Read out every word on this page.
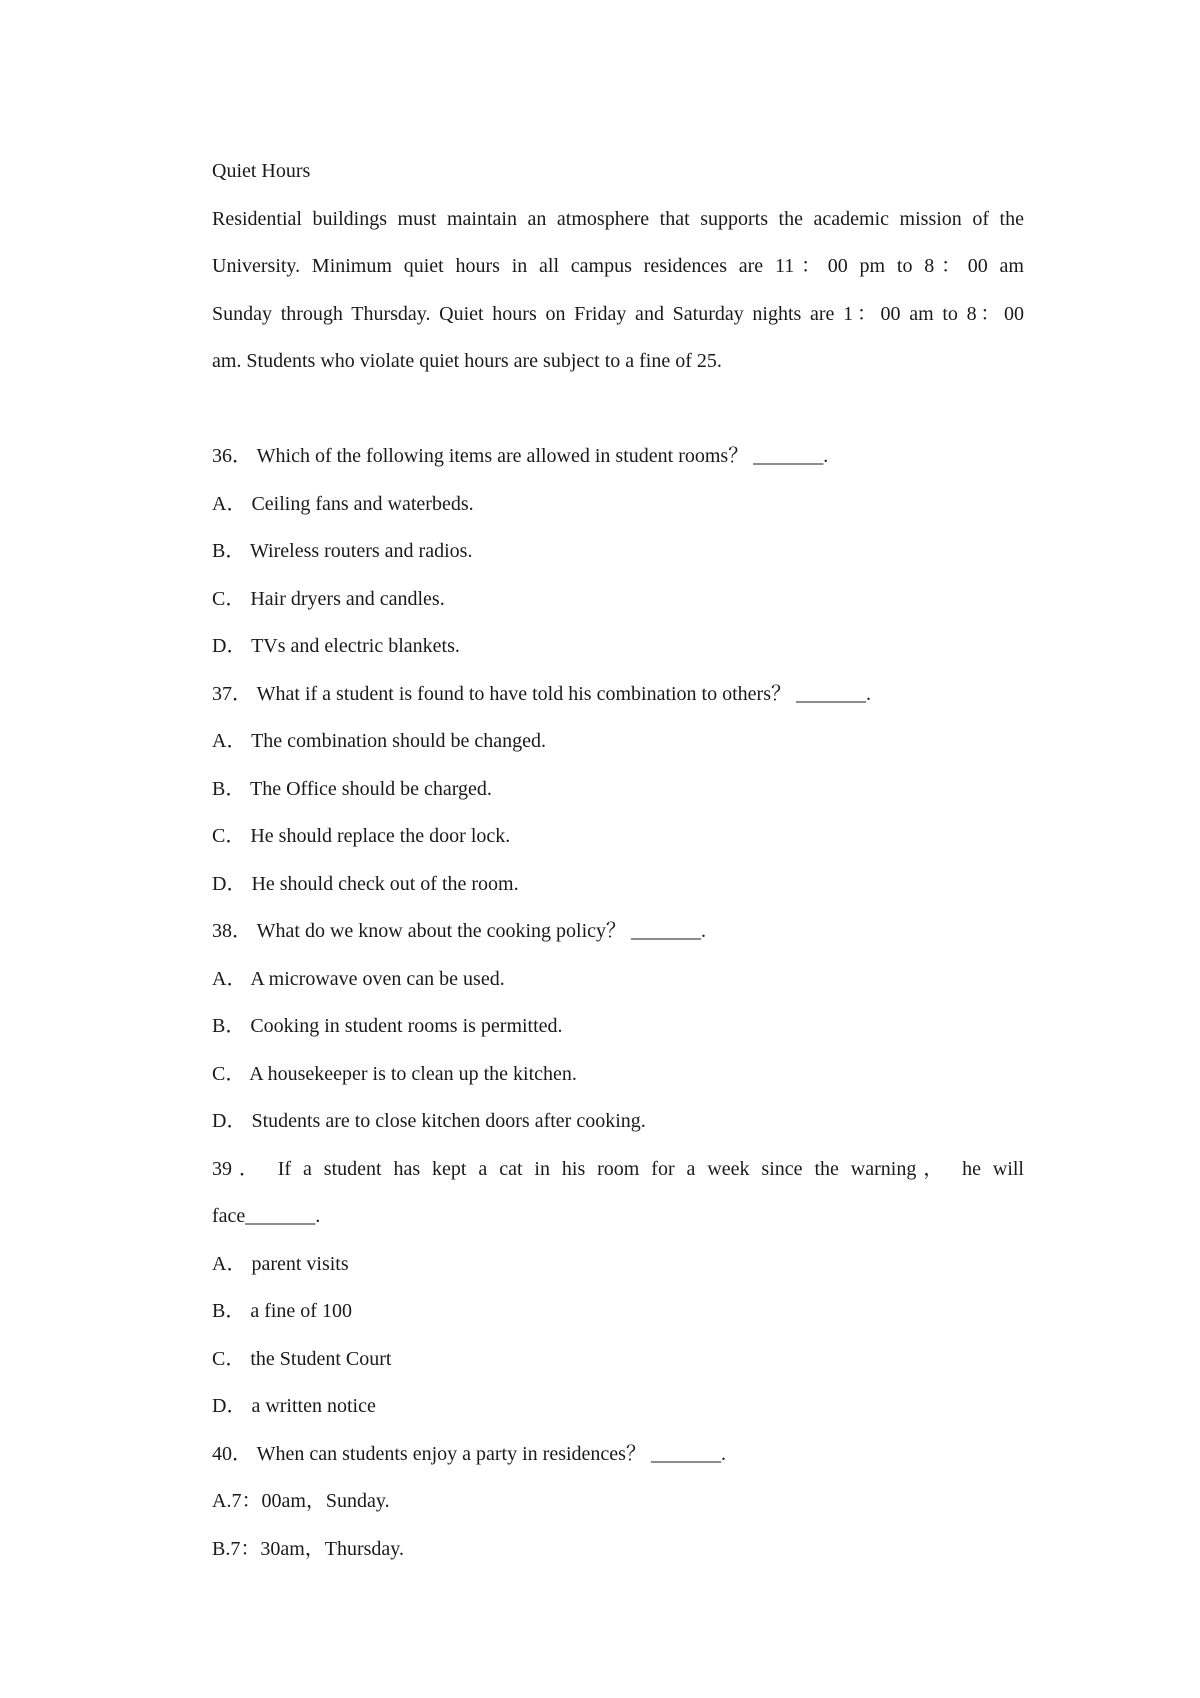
Quiet Hours
Residential buildings must maintain an atmosphere that supports the academic mission of the
University. Minimum quiet hours in all campus residences are 11：00 pm to 8：00 am
Sunday through Thursday. Quiet hours on Friday and Saturday nights are 1：00 am to 8：00
am. Students who violate quiet hours are subject to a fine of 25.
36． Which of the following items are allowed in student rooms？ _______.
A． Ceiling fans and waterbeds.
B． Wireless routers and radios.
C． Hair dryers and candles.
D． TVs and electric blankets.
37． What if a student is found to have told his combination to others？ _______.
A． The combination should be changed.
B． The Office should be charged.
C． He should replace the door lock.
D． He should check out of the room.
38． What do we know about the cooking policy？ _______.
A． A microwave oven can be used.
B． Cooking in student rooms is permitted.
C． A housekeeper is to clean up the kitchen.
D． Students are to close kitchen doors after cooking.
39． If a student has kept a cat in his room for a week since the warning， he will
face_______.
A． parent visits
B． a fine of 100
C． the Student Court
D． a written notice
40． When can students enjoy a party in residences？ _______.
A.7：00am，Sunday.
B.7：30am，Thursday.
